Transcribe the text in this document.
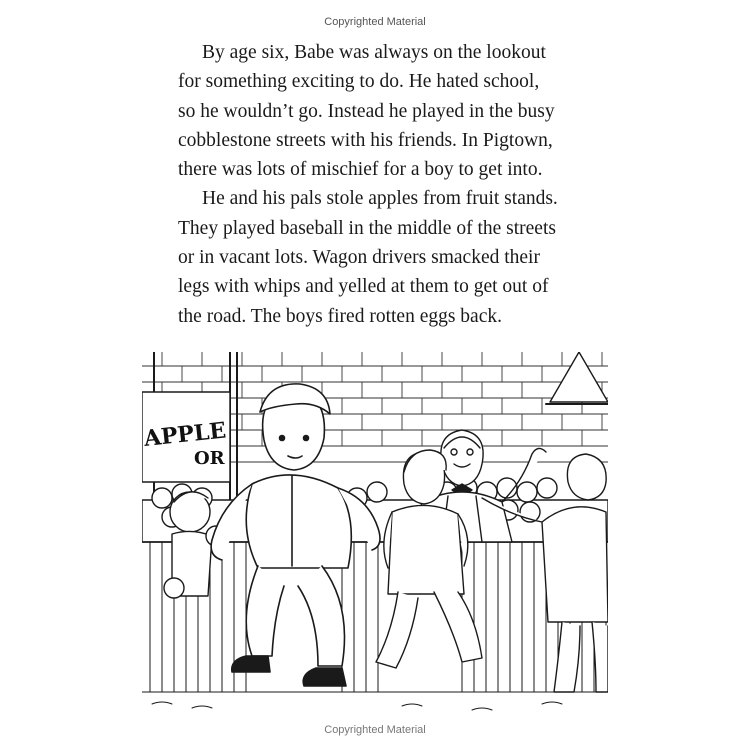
Copyrighted Material

By age six, Babe was always on the lookout
for something exciting to do. He hated school,
so he wouldn’t go. Instead he played in the busy
cobblestone streets with his friends. In Pigtown,
there was lots of mischief for a boy to get into.

He and his pals stole apples from fruit stands.
They played baseball in the middle of the streets
or in vacant lots. Wagon drivers smacked their
legs with whips and yelled at them to get out of
the road. The boys fired rotten eggs back.

APPLE
OR
Copyrighted Material
